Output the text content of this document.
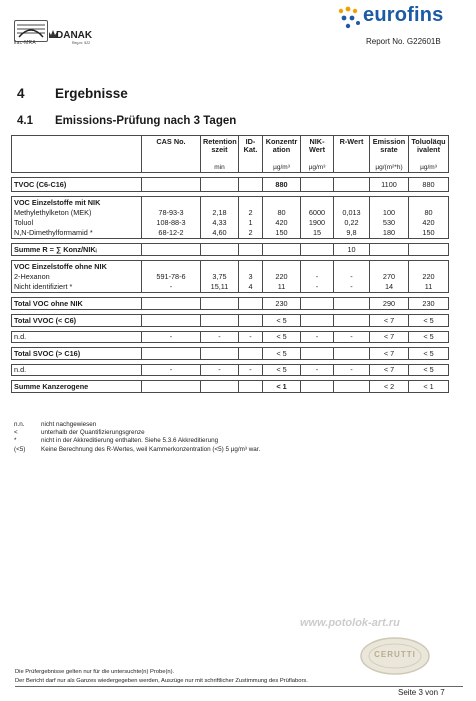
ilac-MRA
DANAK
Reg.nr. 522
eurofins
Report No. G22601B
4 Ergebnisse
4.1 Emissions-Prüfung nach 3 Tagen
	CAS No.	Retention szeit	ID-Kat.	Konzentr ation	NIK-Wert	R-Wert	Emission srate	Toluoläqu ivalent
		min		µg/m³	µg/m³		µg/(m²*h)	µg/m³

TVOC (C6-C16)				880			1100	880

VOC Einzelstoffe mit NIK								
Methylethylketon (MEK)	78-93-3	2,18	2	80	6000	0,013	100	80
Toluol	108-88-3	4,33	1	420	1900	0,22	530	420
N,N-Dimethylformamid *	68-12-2	4,60	2	150	15	9,8	180	150

Summe R = ∑ Konz/NIKᵢ						10		

VOC Einzelstoffe ohne NIK								
2-Hexanon	591-78-6	3,75	3	220	-	-	270	220
Nicht identifiziert *	-	15,11	4	11	-	-	14	11

Total VOC ohne NIK				230			290	230

Total VVOC (< C6)				< 5			< 7	< 5

n.d.	-	-	-	< 5	-	-	< 7	< 5

Total SVOC (> C16)				< 5			< 7	< 5

n.d.	-	-	-	< 5	-	-	< 7	< 5

Summe Kanzerogene				< 1			< 2	< 1
n.n.	nicht nachgewiesen
<	unterhalb der Quantifizierungsgrenze
*	nicht in der Akkreditierung enthalten. Siehe 5.3.6 Akkreditierung
(<5) Keine Berechnung des R-Wertes, weil Kammerkonzentration (<5) 5 µg/m³ war.
www.potolok-art.ru
CERUTTI
Die Prüfergebnisse gelten nur für die untersuchte(n) Probe(n).
Der Bericht darf nur als Ganzes wiedergegeben werden, Auszüge nur mit schriftlicher Zustimmung des Prüflabors.
Seite 3 von 7
